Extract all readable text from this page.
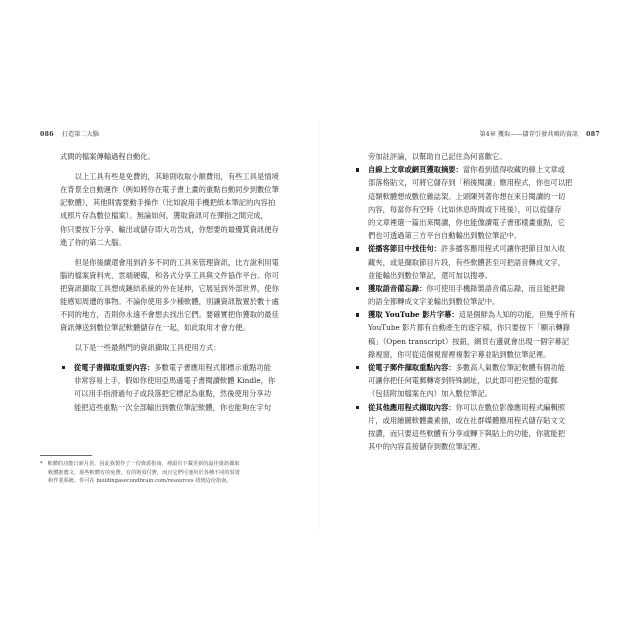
086 打造第二大腦
式間的檔案傳輸過程自動化。
以上工具有些是免費的，其餘則收取小額費用，有些工具是情境
在背景全自動運作（例如將你在電子書上畫的重點自動同步到數位筆
記軟體），其他則需要動手操作（比如說用手機把紙本筆記的內容拍
成照片存為數位檔案）。無論如何，獲取資訊可在彈指之間完成，
你只要按下分享、輸出或儲存即大功告成，你想要的最優質資訊便存
進了你的第二大腦。
但是你後續還會用到許多不同的工具來管理資訊，比方說利用電
腦的檔案資料夾、雲端硬碟，和各式分享工具與文件協作平台。你可
把資訊擷取工具想成鏈結系統的外在延伸，它展延到外部世界，使你
能感知周遭的事物。不論你使用多少種軟體，別讓資訊散置於數十處
不同的地方，否則你永遠不會想去找出它們。要確實把你獲取的最佳
資訊傳送到數位筆記軟體儲存在一起，如此取用才會方便。
以下是一些最熱門的資訊擷取工具使用方式：
從電子書擷取重要內容：多數電子書應用程式都標示重點功能
非常容易上手，假如你使用亞馬遜電子書閱讀軟體 Kindle，你
可以用手指滑過句子或段落把它標記為重點，然後使用分享功
能把這些重點一次全部輸出到數位筆記軟體，你也能夠在字句
* 軟體的功能日新月異，因此我製作了一份資源指南，裡頭有下載更新的最佳資訊擷取
軟體推薦文，那些軟體有的免費，有的則須付費，而且它們可運用於各種不同的裝置
和作業系統。你可在 buildingasecondbrain.com/resources 找到這份指南。
第4章 獲取——儲存引發共鳴的資訊 087
旁加註評論，以幫助自己記住為何喜歡它。
自線上文章或網頁獲取摘要：當你看到值得收藏的線上文章或
部落格貼文，可將它儲存到「稍後閱讀」應用程式，你也可以把
這類軟體想成數位雜誌架。上頭陳列著你想在來日閱讀的一切
內容，每當你有空時（比如休息時間或下班後），可以從儲存
的文章裡選一篇出來閱讀，你也能像讀電子書那樣畫重點，它
們也可透過第三方平台自動輸出到數位筆記中。
從播客節目中找佳句：許多播客應用程式可讓你把節目加入收
藏夾，或是擷取節目片段，有些軟體甚至可把語音轉成文字，
並能輸出到數位筆記，還可加以搜尋。
獲取語音備忘錄：你可使用手機錄製語音備忘錄，而且能把錄
的語全都轉成文字並輸出到數位筆記中。
獲取 YouTube 影片字幕：這是個鮮為人知的功能，但幾乎所有
YouTube 影片都有自動產生的逐字稿，你只要按下「顯示轉錄
稿」（Open transcript）按鈕，網頁右邊就會出現一個字幕記
錄視窗，你可從這個視窗裡複製字幕並貼到數位筆記裡。
從電子郵件擷取重點內容：多數高人氣數位筆記軟體有個功能
可讓你把任何電郵轉寄到特殊網址，以此即可把完整的電郵
（包括附加檔案在內）加入數位筆記。
從其他應用程式擷取內容：你可以在數位影像應用程式編輯照
片，或用繪圖軟體畫素描，或在社群媒體應用程式儲存貼文文
按讚，而只要這些軟體有分享或轉下與貼上的功能，你就能把
其中的內容直接儲存到數位筆記裡。
